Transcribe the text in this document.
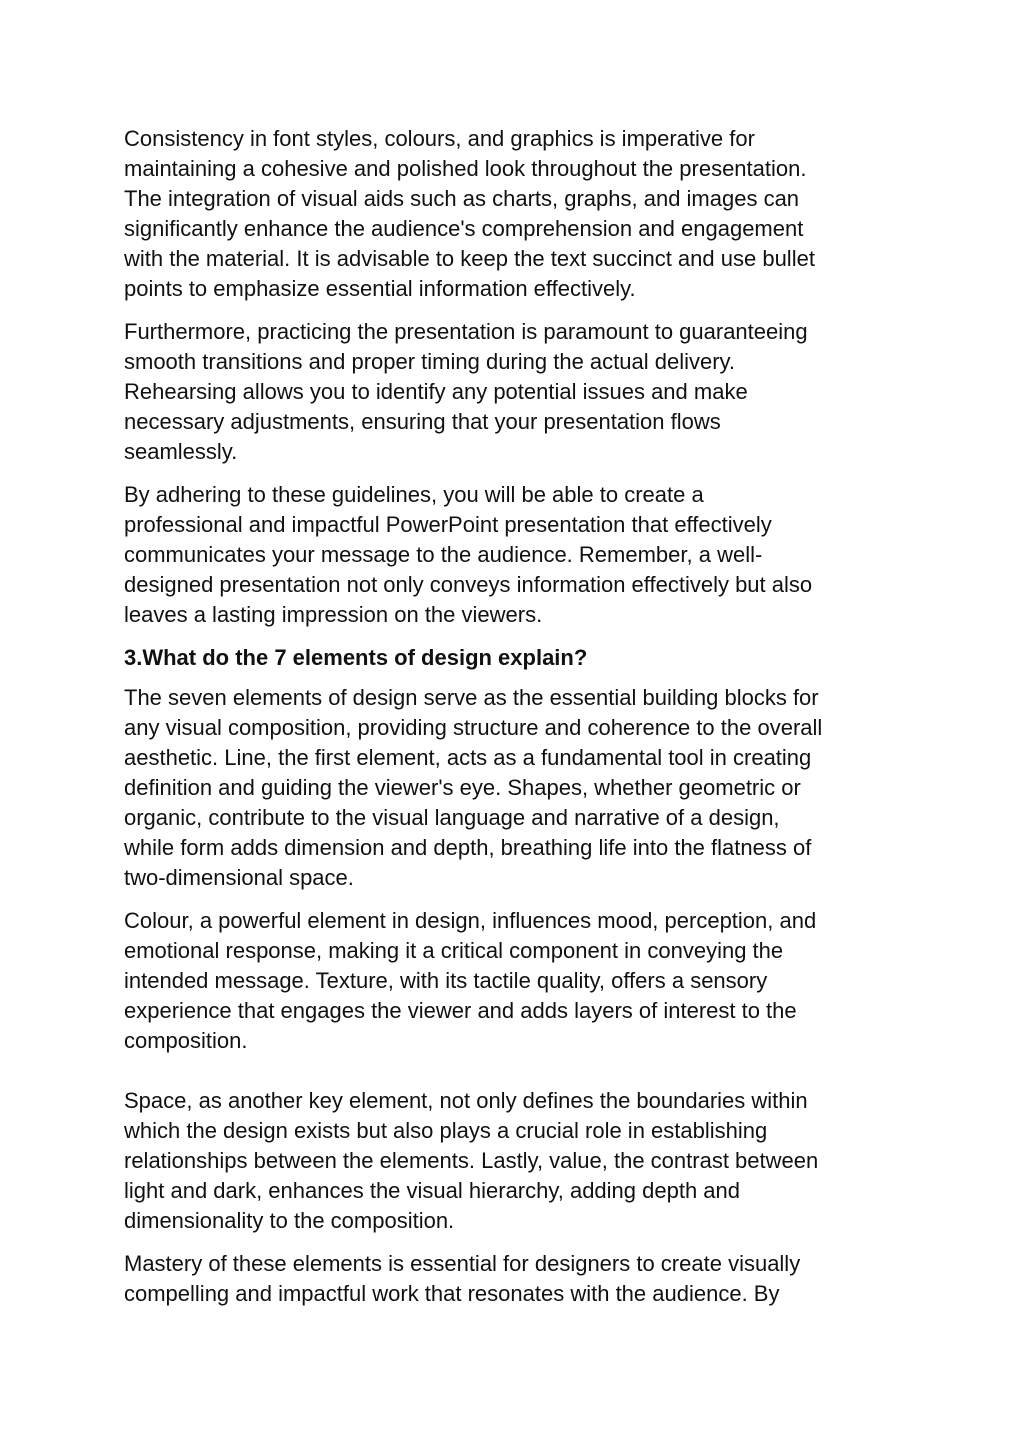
Consistency in font styles, colours, and graphics is imperative for
maintaining a cohesive and polished look throughout the presentation.
The integration of visual aids such as charts, graphs, and images can
significantly enhance the audience's comprehension and engagement
with the material. It is advisable to keep the text succinct and use bullet
points to emphasize essential information effectively.

Furthermore, practicing the presentation is paramount to guaranteeing
smooth transitions and proper timing during the actual delivery.
Rehearsing allows you to identify any potential issues and make
necessary adjustments, ensuring that your presentation flows
seamlessly.

By adhering to these guidelines, you will be able to create a
professional and impactful PowerPoint presentation that effectively
communicates your message to the audience. Remember, a well-
designed presentation not only conveys information effectively but also
leaves a lasting impression on the viewers.

3.What do the 7 elements of design explain?

The seven elements of design serve as the essential building blocks for
any visual composition, providing structure and coherence to the overall
aesthetic. Line, the first element, acts as a fundamental tool in creating
definition and guiding the viewer's eye. Shapes, whether geometric or
organic, contribute to the visual language and narrative of a design,
while form adds dimension and depth, breathing life into the flatness of
two-dimensional space.

Colour, a powerful element in design, influences mood, perception, and
emotional response, making it a critical component in conveying the
intended message. Texture, with its tactile quality, offers a sensory
experience that engages the viewer and adds layers of interest to the
composition.

Space, as another key element, not only defines the boundaries within
which the design exists but also plays a crucial role in establishing
relationships between the elements. Lastly, value, the contrast between
light and dark, enhances the visual hierarchy, adding depth and
dimensionality to the composition.

Mastery of these elements is essential for designers to create visually
compelling and impactful work that resonates with the audience. By
